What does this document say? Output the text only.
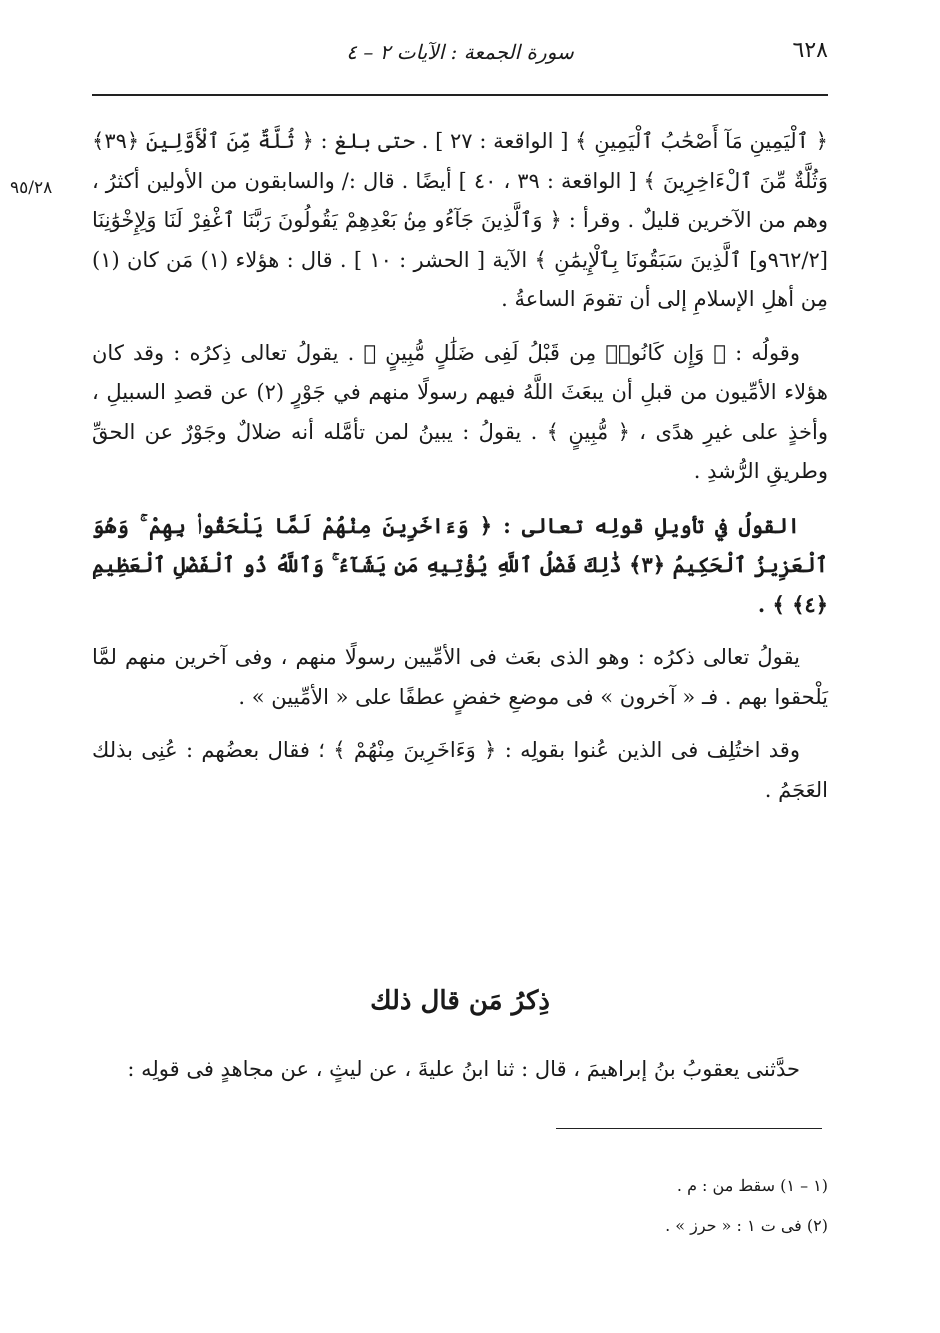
٦٢٨
سورة الجمعة : الآيات ٢ – ٤
٩٥/٢٨

﴿ ٱلْيَمِينِ مَآ أَصْحَٰبُ ٱلْيَمِينِ ﴾ [ الواقعة : ٢٧ ] . حتى بلغ : ﴿ ثُلَّةٌ مِّنَ ٱلْأَوَّلِينَ ﴿٣٩﴾ وَثُلَّةٌ مِّنَ ٱلْءَاخِرِينَ ﴾ [ الواقعة : ٣٩ ، ٤٠ ] أيضًا . قال :/ والسابقون من الأولين أكثرُ ، وهم من الآخرين قليلٌ . وقرأ : ﴿ وَٱلَّذِينَ جَآءُو مِنۢ بَعْدِهِمْ يَقُولُونَ رَبَّنَا ٱغْفِرْ لَنَا وَلِإِخْوَٰنِنَا [٩٦٢/٢و] ٱلَّذِينَ سَبَقُونَا بِٱلْإِيمَٰنِ ﴾ الآية [ الحشر : ١٠ ] . قال : هؤلاء (١) مَن كان (١) مِن أهلِ الإسلامِ إلى أن تقومَ الساعةُ .

وقولُه : ﴿ وَإِن كَانُوا۟ مِن قَبْلُ لَفِى ضَلَٰلٍ مُّبِينٍ ﴾ . يقولُ تعالى ذِكرُه : وقد كان هؤلاء الأمِّيون من قبلِ أن يبعَثَ اللَّهُ فيهم رسولًا منهم في جَوْرٍ (٢) عن قصدِ السبيلِ ، وأخذٍ على غيرِ هدًى ، ﴿ مُّبِينٍ ﴾ . يقولُ : يبينُ لمن تأمَّله أنه ضلالٌ وجَوْرٌ عن الحقِّ وطريقِ الرُّشدِ .

القولُ في تأويلِ قولِه تعالى : ﴿ وَءَاخَرِينَ مِنْهُمْ لَمَّا يَلْحَقُوا۟ بِهِمْ ۚ وَهُوَ ٱلْعَزِيزُ ٱلْحَكِيمُ ﴿٣﴾ ذَٰلِكَ فَضْلُ ٱللَّهِ يُؤْتِيهِ مَن يَشَآءُ ۚ وَٱللَّهُ ذُو ٱلْفَضْلِ ٱلْعَظِيمِ ﴿٤﴾ ﴾ .

يقولُ تعالى ذكرُه : وهو الذى بعَث فى الأمِّيين رسولًا منهم ، وفى آخرين منهم لمَّا يَلْحقوا بهم . فـ « آخرون » فى موضعِ خفضٍ عطفًا على « الأمِّيين » .

وقد اختُلِف فى الذين عُنوا بقولِه : ﴿ وَءَاخَرِينَ مِنْهُمْ ﴾ ؛ فقال بعضُهم : عُنِى بذلك العَجَمُ .

ذِكرُ مَن قال ذلك
حدَّثنى يعقوبُ بنُ إبراهيمَ ، قال : ثنا ابنُ عليةَ ، عن ليثٍ ، عن مجاهدٍ فى قولِه :

(١ – ١) سقط من : م .

(٢) فى ت ١ : « حرز » .
